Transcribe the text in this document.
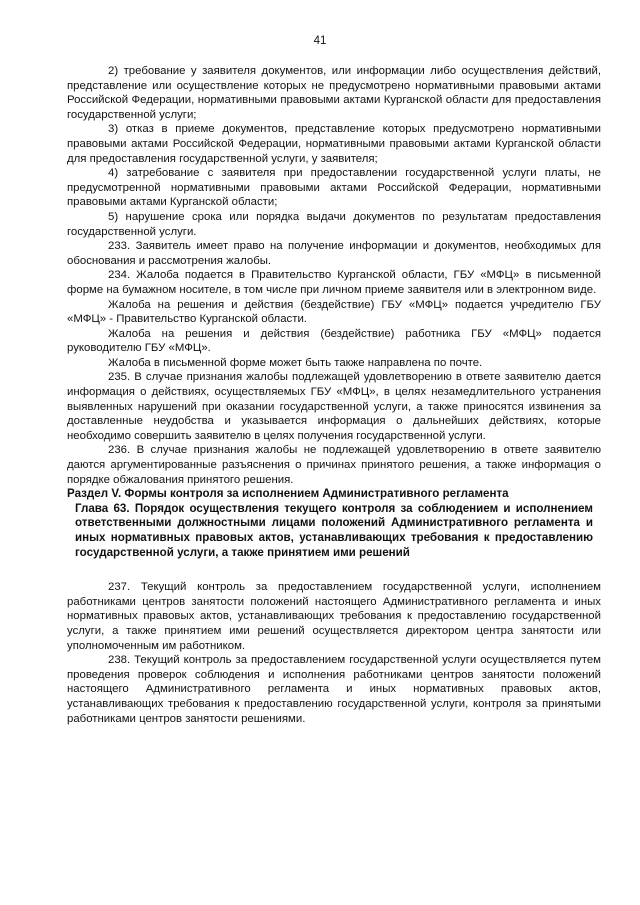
41

2) требование у заявителя документов, или информации либо осуществления действий, представление или осуществление которых не предусмотрено нормативными правовыми актами Российской Федерации, нормативными правовыми актами Курганской области для предоставления государственной услуги;

3) отказ в приеме документов, представление которых предусмотрено нормативными правовыми актами Российской Федерации, нормативными правовыми актами Курганской области для предоставления государственной услуги, у заявителя;

4) затребование с заявителя при предоставлении государственной услуги платы, не предусмотренной нормативными правовыми актами Российской Федерации, нормативными правовыми актами Курганской области;

5) нарушение срока или порядка выдачи документов по результатам предоставления государственной услуги.

233. Заявитель имеет право на получение информации и документов, необходимых для обоснования и рассмотрения жалобы.

234. Жалоба подается в Правительство Курганской области, ГБУ «МФЦ» в письменной форме на бумажном носителе, в том числе при личном приеме заявителя или в электронном виде.

Жалоба на решения и действия (бездействие) ГБУ «МФЦ» подается учредителю ГБУ «МФЦ» - Правительство Курганской области.

Жалоба на решения и действия (бездействие) работника ГБУ «МФЦ» подается руководителю ГБУ «МФЦ».

Жалоба в письменной форме может быть также направлена по почте.

235. В случае признания жалобы подлежащей удовлетворению в ответе заявителю дается информация о действиях, осуществляемых ГБУ «МФЦ», в целях незамедлительного устранения выявленных нарушений при оказании государственной услуги, а также приносятся извинения за доставленные неудобства и указывается информация о дальнейших действиях, которые необходимо совершить заявителю в целях получения государственной услуги.

236. В случае признания жалобы не подлежащей удовлетворению в ответе заявителю даются аргументированные разъяснения о причинах принятого решения, а также информация о порядке обжалования принятого решения.

Раздел V. Формы контроля за исполнением Административного регламента

Глава 63. Порядок осуществления текущего контроля за соблюдением и исполнением ответственными должностными лицами положений Административного регламента и иных нормативных правовых актов, устанавливающих требования к предоставлению государственной услуги, а также принятием ими решений

237. Текущий контроль за предоставлением государственной услуги, исполнением работниками центров занятости положений настоящего Административного регламента и иных нормативных правовых актов, устанавливающих требования к предоставлению государственной услуги, а также принятием ими решений осуществляется директором центра занятости или уполномоченным им работником.

238. Текущий контроль за предоставлением государственной услуги осуществляется путем проведения проверок соблюдения и исполнения работниками центров занятости положений настоящего Административного регламента и иных нормативных правовых актов, устанавливающих требования к предоставлению государственной услуги, контроля за принятыми работниками центров занятости решениями.
